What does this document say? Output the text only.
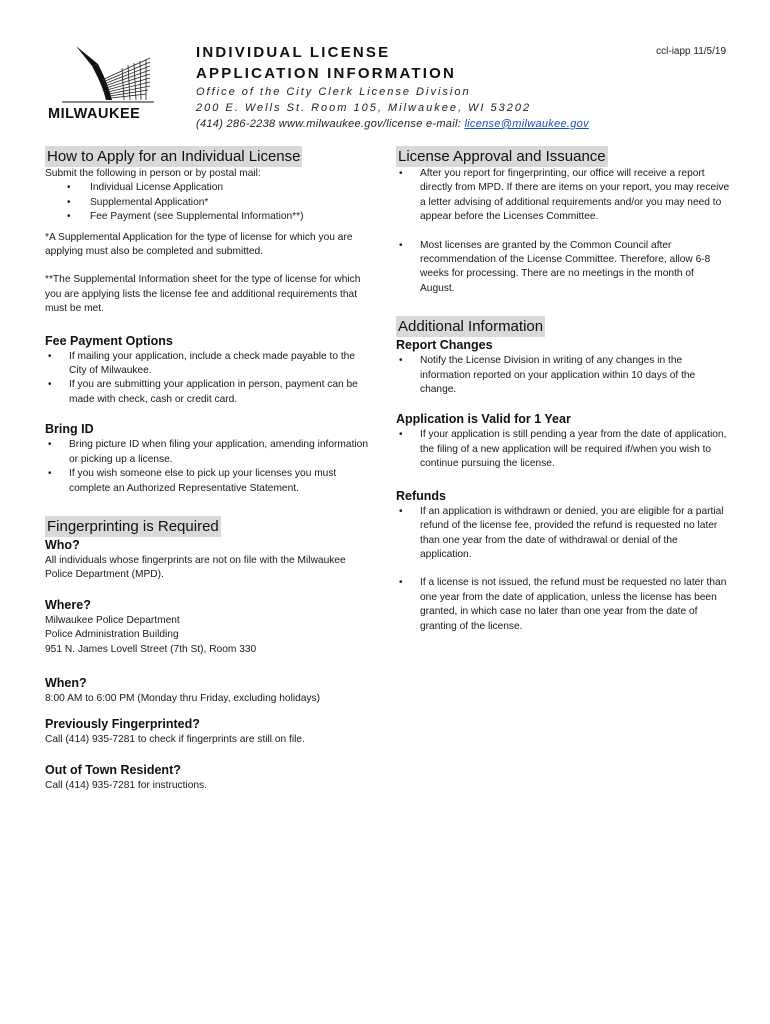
MILWAUKEE
ccl-iapp 11/5/19
INDIVIDUAL LICENSE
APPLICATION INFORMATION
Office of the City Clerk License Division
200 E. Wells St. Room 105, Milwaukee, WI 53202
(414) 286-2238 www.milwaukee.gov/license e-mail: license@milwaukee.gov
How to Apply for an Individual License

Submit the following in person or by postal mail:

• Individual License Application
• Supplemental Application*
• Fee Payment (see Supplemental Information**)

*A Supplemental Application for the type of license for which you are applying must also be completed and submitted.

**The Supplemental Information sheet for the type of license for which you are applying lists the license fee and additional requirements that must be met.

Fee Payment Options
• If mailing your application, include a check made payable to the City of Milwaukee.
• If you are submitting your application in person, payment can be made with check, cash or credit card.
Bring ID
• Bring picture ID when filing your application, amending information or picking up a license.
• If you wish someone else to pick up your licenses you must complete an Authorized Representative Statement.
Fingerprinting is Required
Who?

All individuals whose fingerprints are not on file with the Milwaukee Police Department (MPD).

Where?

Milwaukee Police Department

Police Administration Building

951 N. James Lovell Street (7th St), Room 330

When?

8:00 AM to 6:00 PM (Monday thru Friday, excluding holidays)

Previously Fingerprinted?

Call (414) 935-7281 to check if fingerprints are still on file.

Out of Town Resident?

Call (414) 935-7281 for instructions.

License Approval and Issuance
• After you report for fingerprinting, our office will receive a report directly from MPD. If there are items on your report, you may receive a letter advising of additional requirements and/or you may need to appear before the Licenses Committee.
• Most licenses are granted by the Common Council after recommendation of the License Committee. Therefore, allow 6-8 weeks for processing. There are no meetings in the month of August.
Additional Information
Report Changes
• Notify the License Division in writing of any changes in the information reported on your application within 10 days of the change.
Application is Valid for 1 Year
• If your application is still pending a year from the date of application, the filing of a new application will be required if/when you wish to continue pursuing the license.
Refunds
• If an application is withdrawn or denied, you are eligible for a partial refund of the license fee, provided the refund is requested no later than one year from the date of withdrawal or denial of the application.
• If a license is not issued, the refund must be requested no later than one year from the date of application, unless the license has been granted, in which case no later than one year from the date of granting of the license.
